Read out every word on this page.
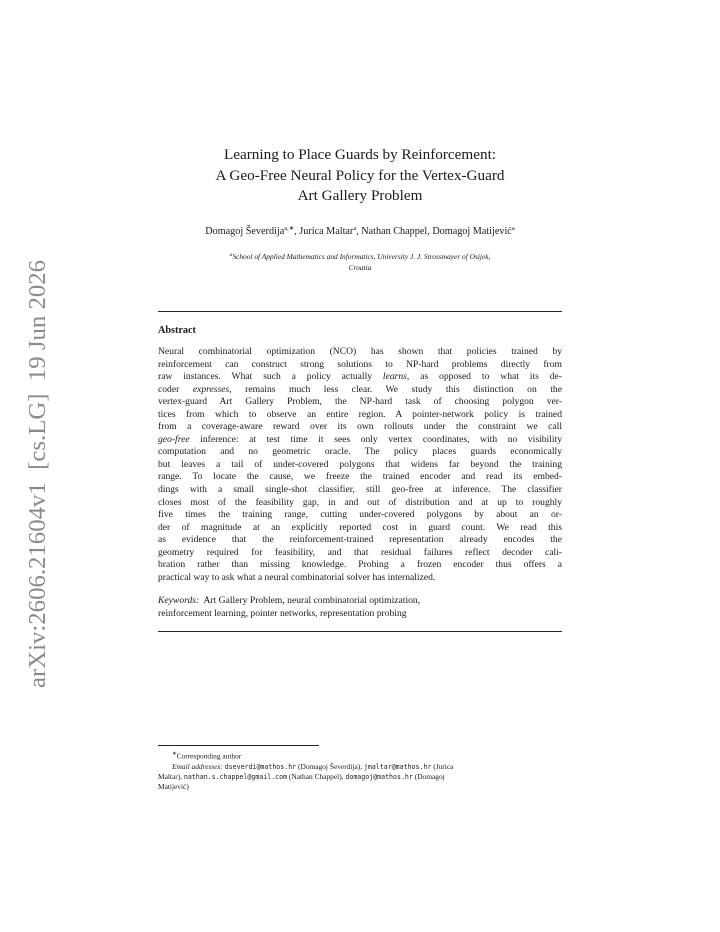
arXiv:2606.21604v1  [cs.LG]  19 Jun 2026
Learning to Place Guards by Reinforcement:
A Geo-Free Neural Policy for the Vertex-Guard
Art Gallery Problem
Domagoj Ševerdija$^{a,∗}$, Jurica Maltar$^a$, Nathan Chappel, Domagoj Matijević$^a$
$^a$School of Applied Mathematics and Informatics, University J. J. Strossmayer of Osijek,
Croatia
Abstract
Neural combinatorial optimization (NCO) has shown that policies trained by
reinforcement can construct strong solutions to NP-hard problems directly from
raw instances. What such a policy actually learns, as opposed to what its de-
coder expresses, remains much less clear. We study this distinction on the
vertex-guard Art Gallery Problem, the NP-hard task of choosing polygon ver-
tices from which to observe an entire region. A pointer-network policy is trained
from a coverage-aware reward over its own rollouts under the constraint we call
geo-free inference: at test time it sees only vertex coordinates, with no visibility
computation and no geometric oracle. The policy places guards economically
but leaves a tail of under-covered polygons that widens far beyond the training
range. To locate the cause, we freeze the trained encoder and read its embed-
dings with a small single-shot classifier, still geo-free at inference. The classifier
closes most of the feasibility gap, in and out of distribution and at up to roughly
five times the training range, cutting under-covered polygons by about an or-
der of magnitude at an explicitly reported cost in guard count. We read this
as evidence that the reinforcement-trained representation already encodes the
geometry required for feasibility, and that residual failures reflect decoder cali-
bration rather than missing knowledge. Probing a frozen encoder thus offers a
practical way to ask what a neural combinatorial solver has internalized.
Keywords: Art Gallery Problem, neural combinatorial optimization,
reinforcement learning, pointer networks, representation probing
∗Corresponding author
Email addresses: dseverdi@mathos.hr (Domagoj Ševerdija), jmaltar@mathos.hr (Jurica
Maltar), nathan.s.chappel@gmail.com (Nathan Chappel), domagoj@mathos.hr (Domagoj
Matijević)
